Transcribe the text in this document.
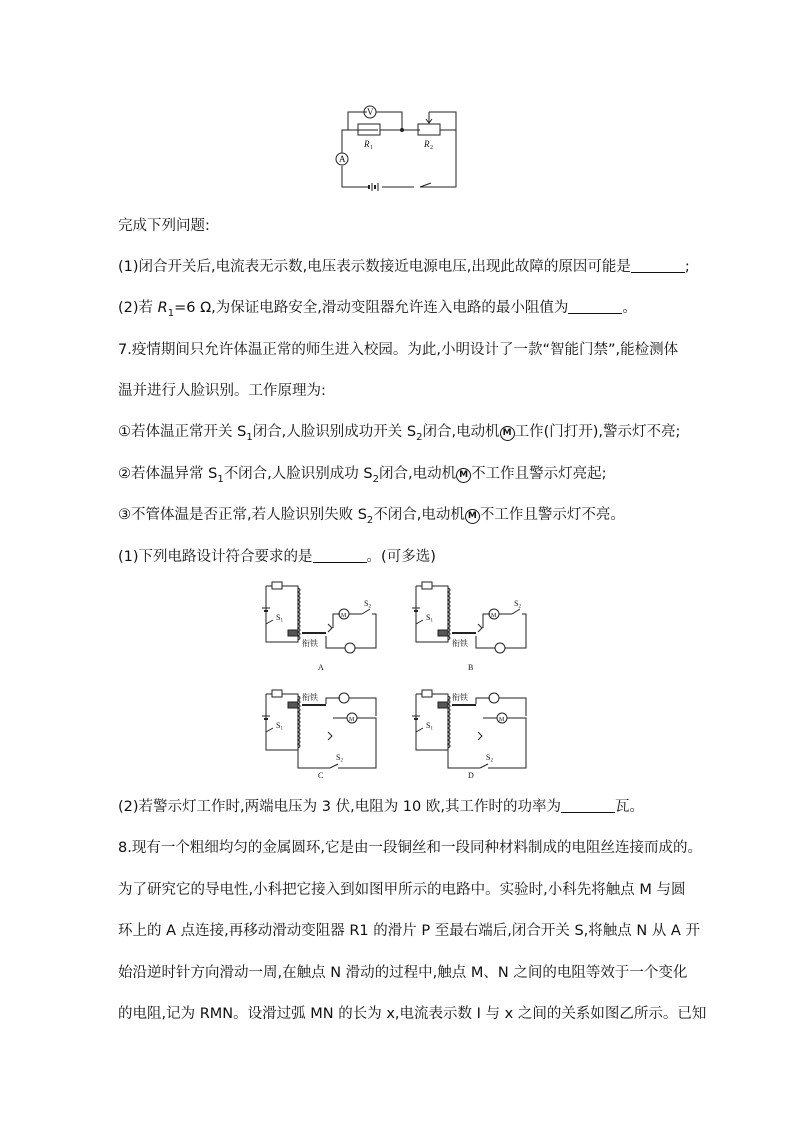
V
A
R 1	R 2
完成下列问题:
(1)闭合开关后,电流表无示数,电压表示数接近电源电压,出现此故障的原因可能是	;
(2)若 $R_1=6$ Ω,为保证电路安全,滑动变阻器允许连入电路的最小阻值为	。
7.疫情期间只允许体温正常的师生进入校园。为此,小明设计了一款“智能门禁”,能检测体
温并进行人脸识别。工作原理为:
①若体温正常开关 $S_1$闭合,人脸识别成功开关 $S_2$闭合,电动机 M 工作(门打开),警示灯不亮;
②若体温异常 $S_1$不闭合,人脸识别成功 $S_2$闭合,电动机 M 不工作且警示灯亮起;
③不管体温是否正常,若人脸识别失败 $S_2$不闭合,电动机 M 不工作且警示灯不亮。
(1)下列电路设计符合要求的是	。(可多选)
衔铁
S1
S2
M
A
衔铁
S1
S2
M
B
衔铁
S1
S2
M
C
衔铁
S1
S2
M
D
(2)若警示灯工作时,两端电压为 3 伏,电阻为 10 欧,其工作时的功率为	瓦。
8.现有一个粗细均匀的金属圆环,它是由一段铜丝和一段同种材料制成的电阻丝连接而成的。
为了研究它的导电性,小科把它接入到如图甲所示的电路中。实验时,小科先将触点 M 与圆
环上的 A 点连接,再移动滑动变阻器 R1 的滑片 P 至最右端后,闭合开关 S,将触点 N 从 A 开
始沿逆时针方向滑动一周,在触点 N 滑动的过程中,触点 M、N 之间的电阻等效于一个变化
的电阻,记为 RMN。设滑过弧 MN 的长为 x,电流表示数 I 与 x 之间的关系如图乙所示。已知
